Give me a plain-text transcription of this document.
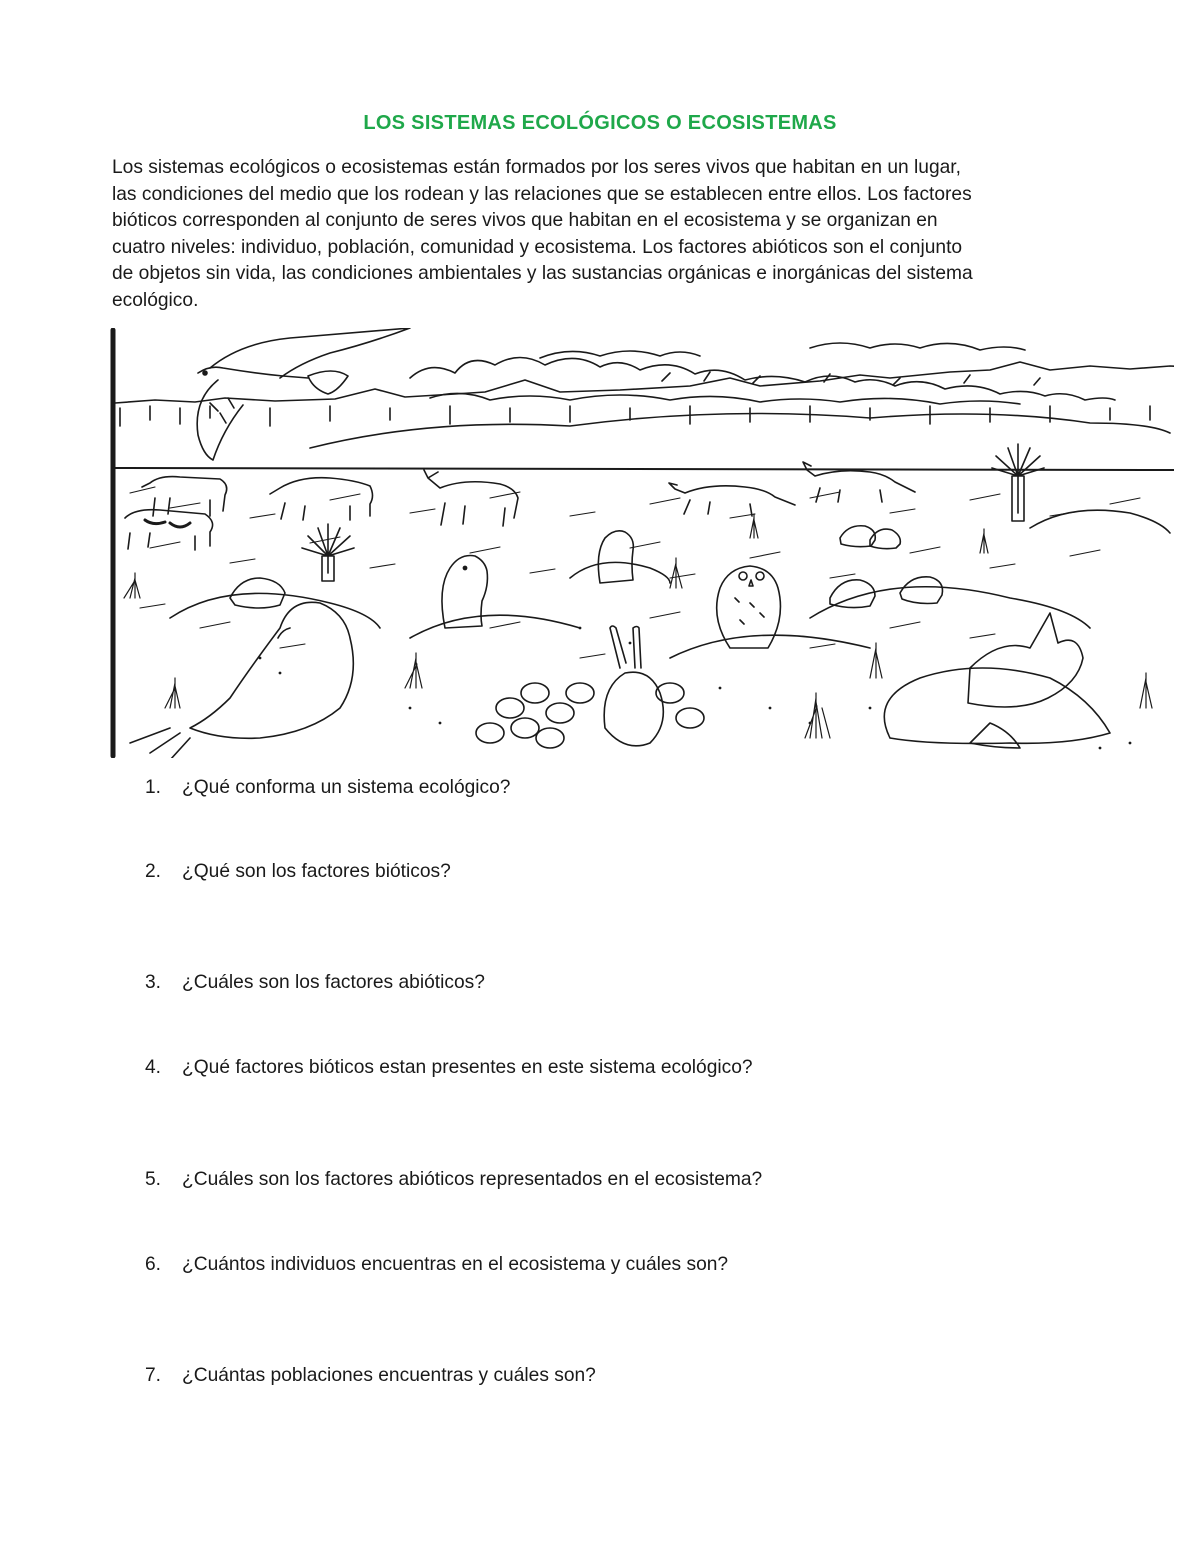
LOS SISTEMAS ECOLÓGICOS O ECOSISTEMAS

Los sistemas ecológicos o ecosistemas están formados por los seres vivos que habitan en un lugar,
las condiciones del medio que los rodean y las relaciones que se establecen entre ellos. Los factores
bióticos corresponden al conjunto de seres vivos que habitan en el ecosistema y se organizan en
cuatro niveles: individuo, población, comunidad y ecosistema. Los factores abióticos son el conjunto
de objetos sin vida, las condiciones ambientales y las sustancias orgánicas e inorgánicas del sistema
ecológico.

1. ¿Qué conforma un sistema ecológico?
2. ¿Qué son los factores bióticos?
3. ¿Cuáles son los factores abióticos?
4. ¿Qué factores bióticos estan presentes en este sistema ecológico?
5. ¿Cuáles son los factores abióticos representados en el ecosistema?
6. ¿Cuántos individuos encuentras en el ecosistema y cuáles son?
7. ¿Cuántas poblaciones encuentras y cuáles son?
